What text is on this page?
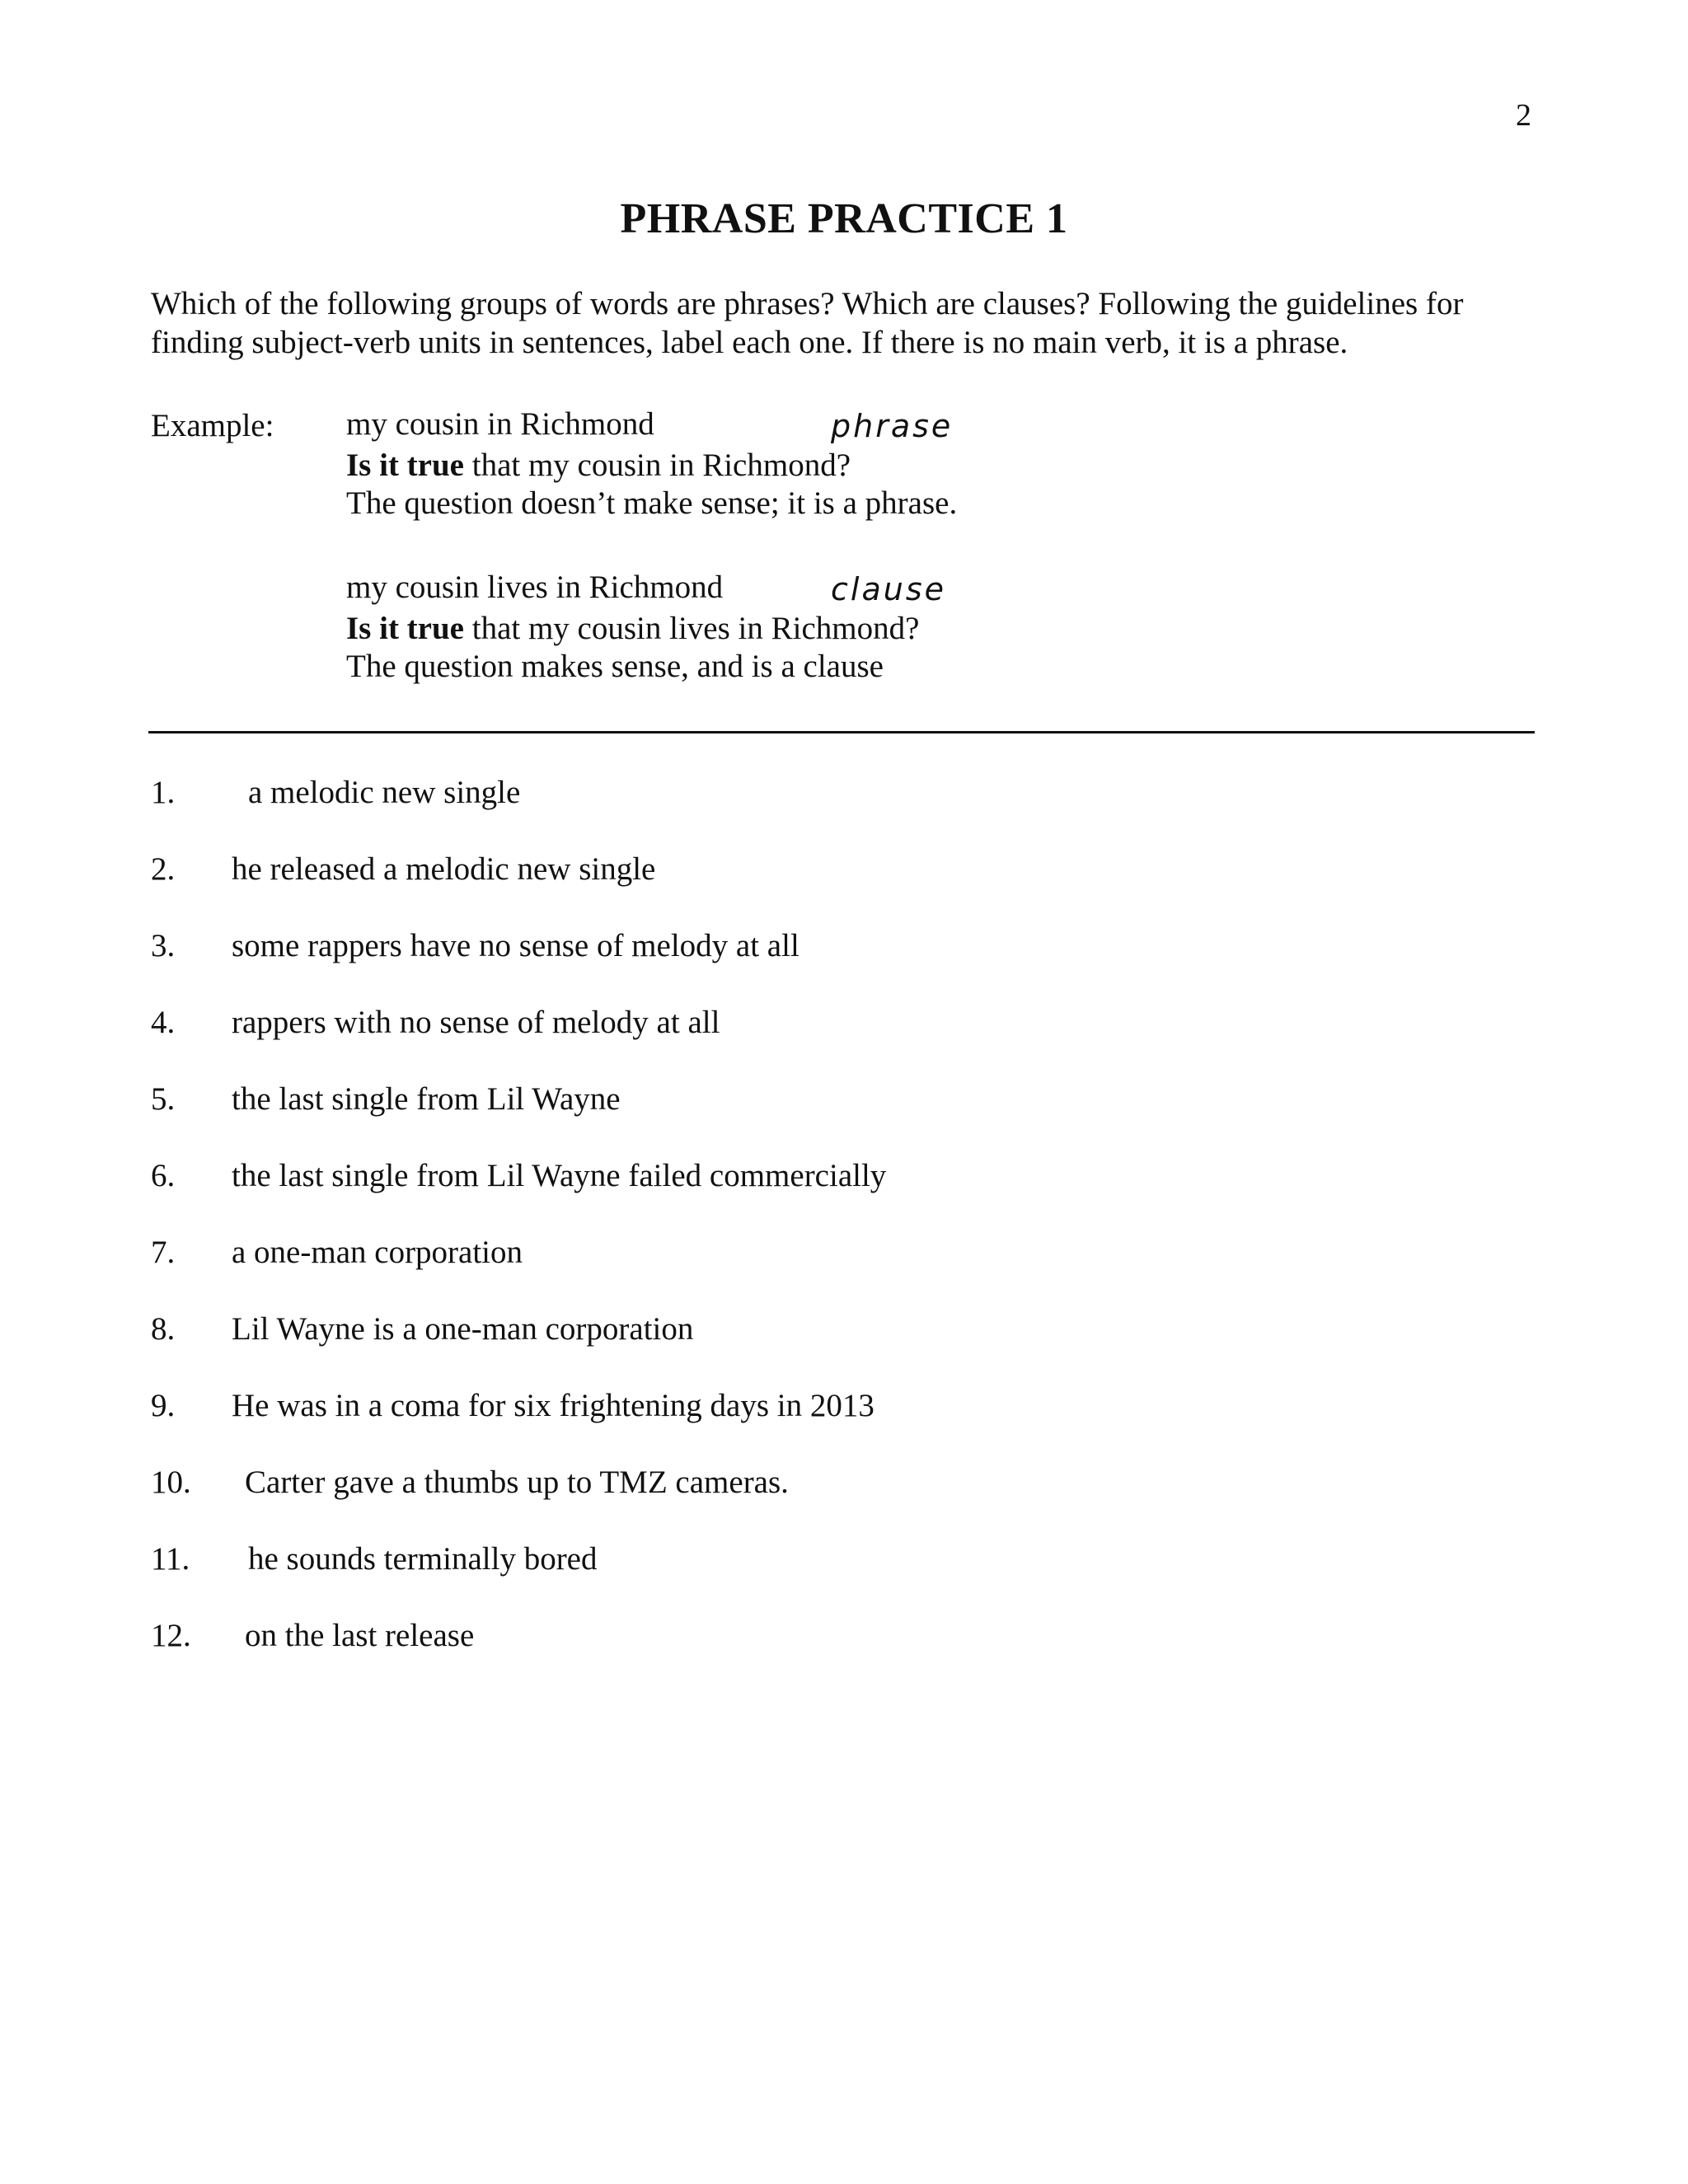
2
PHRASE PRACTICE 1

Which of the following groups of words are phrases? Which are clauses? Following the guidelines for

finding subject-verb units in sentences, label each one. If there is no main verb, it is a phrase.

Example: my cousin in Richmond	phrase
Is it true that my cousin in Richmond?
The question doesn’t make sense; it is a phrase.
my cousin lives in Richmond	clause
Is it true that my cousin lives in Richmond?
The question makes sense, and is a clause
1. a melodic new single
2. he released a melodic new single
3. some rappers have no sense of melody at all
4. rappers with no sense of melody at all
5. the last single from Lil Wayne
6. the last single from Lil Wayne failed commercially
7. a one-man corporation
8. Lil Wayne is a one-man corporation
9. He was in a coma for six frightening days in 2013
10. Carter gave a thumbs up to TMZ cameras.
11. he sounds terminally bored
12. on the last release
